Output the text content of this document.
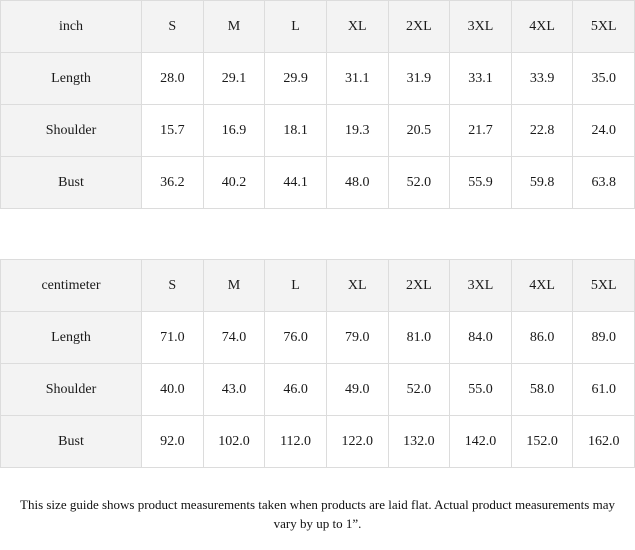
inch	S	M	L	XL	2XL	3XL	4XL	5XL
Length	28.0	29.1	29.9	31.1	31.9	33.1	33.9	35.0
Shoulder	15.7	16.9	18.1	19.3	20.5	21.7	22.8	24.0
Bust	36.2	40.2	44.1	48.0	52.0	55.9	59.8	63.8
centimeter	S	M	L	XL	2XL	3XL	4XL	5XL
Length	71.0	74.0	76.0	79.0	81.0	84.0	86.0	89.0
Shoulder	40.0	43.0	46.0	49.0	52.0	55.0	58.0	61.0
Bust	92.0	102.0	112.0	122.0	132.0	142.0	152.0	162.0
This size guide shows product measurements taken when products are laid flat. Actual product measurements may vary by up to 1”.
